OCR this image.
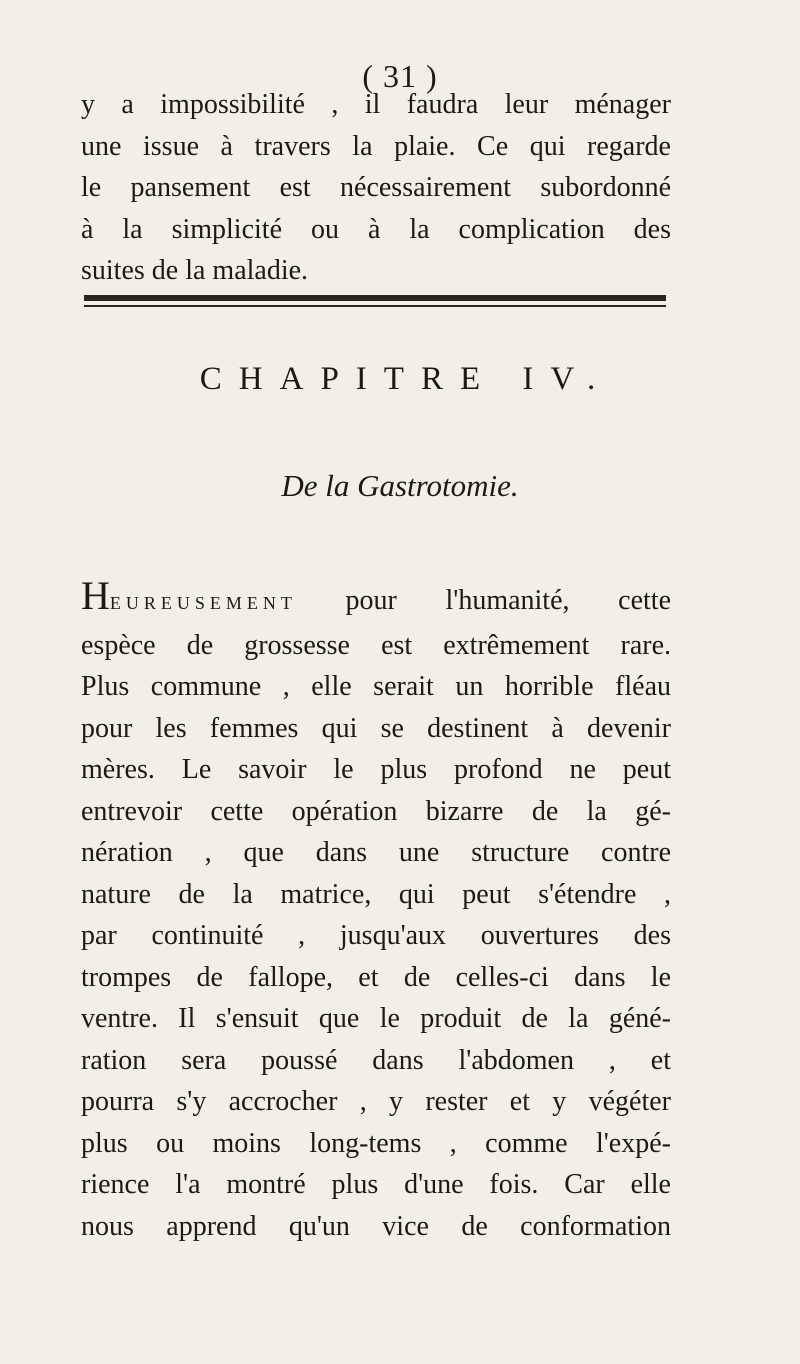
( 31 )

y a impossibilité , il faudra leur ménager
une issue à travers la plaie. Ce qui regarde
le pansement est nécessairement subordonné
à la simplicité ou à la complication des
suites de la maladie.

CHAPITRE IV.
De la Gastrotomie.

HEUREUSEMENT pour l'humanité, cette
espèce de grossesse est extrêmement rare.
Plus commune , elle serait un horrible fléau
pour les femmes qui se destinent à devenir
mères. Le savoir le plus profond ne peut
entrevoir cette opération bizarre de la gé-
nération , que dans une structure contre
nature de la matrice, qui peut s'étendre ,
par continuité , jusqu'aux ouvertures des
trompes de fallope, et de celles-ci dans le
ventre. Il s'ensuit que le produit de la géné-
ration sera poussé dans l'abdomen , et
pourra s'y accrocher , y rester et y végéter
plus ou moins long-tems , comme l'expé-
rience l'a montré plus d'une fois. Car elle
nous apprend qu'un vice de conformation
